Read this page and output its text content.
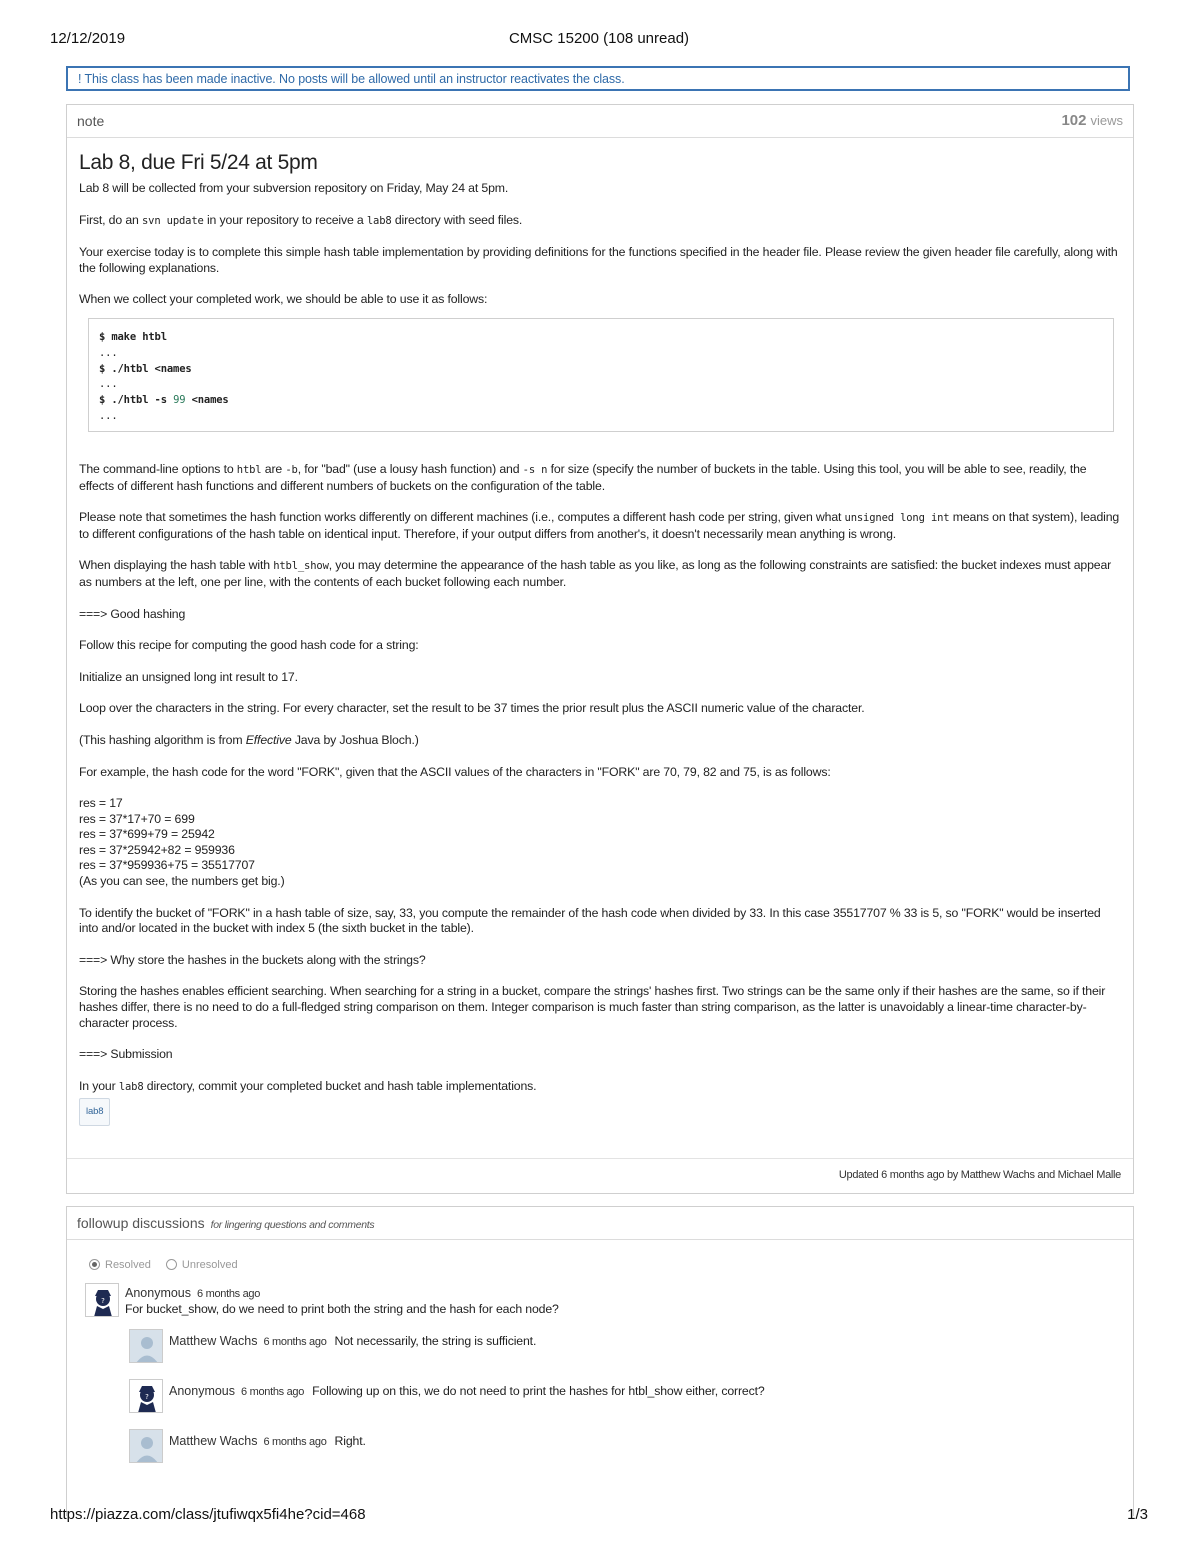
12/12/2019	CMSC 15200 (108 unread)
! This class has been made inactive. No posts will be allowed until an instructor reactivates the class.
note	102 views
Lab 8, due Fri 5/24 at 5pm

Lab 8 will be collected from your subversion repository on Friday, May 24 at 5pm.

First, do an svn update in your repository to receive a lab8 directory with seed files.

Your exercise today is to complete this simple hash table implementation by providing definitions for the functions specified in the header file. Please review the given header file carefully, along with the following explanations.

When we collect your completed work, we should be able to use it as follows:

$ make htbl
...
$ ./htbl <names
...
$ ./htbl -s 99 <names
...

The command-line options to htbl are -b, for "bad" (use a lousy hash function) and -s n for size (specify the number of buckets in the table. Using this tool, you will be able to see, readily, the effects of different hash functions and different numbers of buckets on the configuration of the table.

Please note that sometimes the hash function works differently on different machines (i.e., computes a different hash code per string, given what unsigned long int means on that system), leading to different configurations of the hash table on identical input. Therefore, if your output differs from another's, it doesn't necessarily mean anything is wrong.

When displaying the hash table with htbl_show, you may determine the appearance of the hash table as you like, as long as the following constraints are satisfied: the bucket indexes must appear as numbers at the left, one per line, with the contents of each bucket following each number.

===> Good hashing

Follow this recipe for computing the good hash code for a string:

Initialize an unsigned long int result to 17.

Loop over the characters in the string. For every character, set the result to be 37 times the prior result plus the ASCII numeric value of the character.

(This hashing algorithm is from Effective Java by Joshua Bloch.)

For example, the hash code for the word "FORK", given that the ASCII values of the characters in "FORK" are 70, 79, 82 and 75, is as follows:

res = 17
res = 37*17+70 = 699
res = 37*699+79 = 25942
res = 37*25942+82 = 959936
res = 37*959936+75 = 35517707
(As you can see, the numbers get big.)

To identify the bucket of "FORK" in a hash table of size, say, 33, you compute the remainder of the hash code when divided by 33. In this case 35517707 % 33 is 5, so "FORK" would be inserted into and/or located in the bucket with index 5 (the sixth bucket in the table).

===> Why store the hashes in the buckets along with the strings?

Storing the hashes enables efficient searching. When searching for a string in a bucket, compare the strings' hashes first. Two strings can be the same only if their hashes are the same, so if their hashes differ, there is no need to do a full-fledged string comparison on them. Integer comparison is much faster than string comparison, as the latter is unavoidably a linear-time character-by-character process.

===> Submission

In your lab8 directory, commit your completed bucket and hash table implementations.

lab8
Updated 6 months ago by Matthew Wachs and Michael Malle
followup discussions for lingering questions and comments
Resolved	Unresolved
?
Anonymous 6 months ago
For bucket_show, do we need to print both the string and the hash for each node?
Matthew Wachs 6 months ago Not necessarily, the string is sufficient.
? Anonymous 6 months ago Following up on this, we do not need to print the hashes for htbl_show either, correct?
Matthew Wachs 6 months ago Right.
https://piazza.com/class/jtufiwqx5fi4he?cid=468	1/3
